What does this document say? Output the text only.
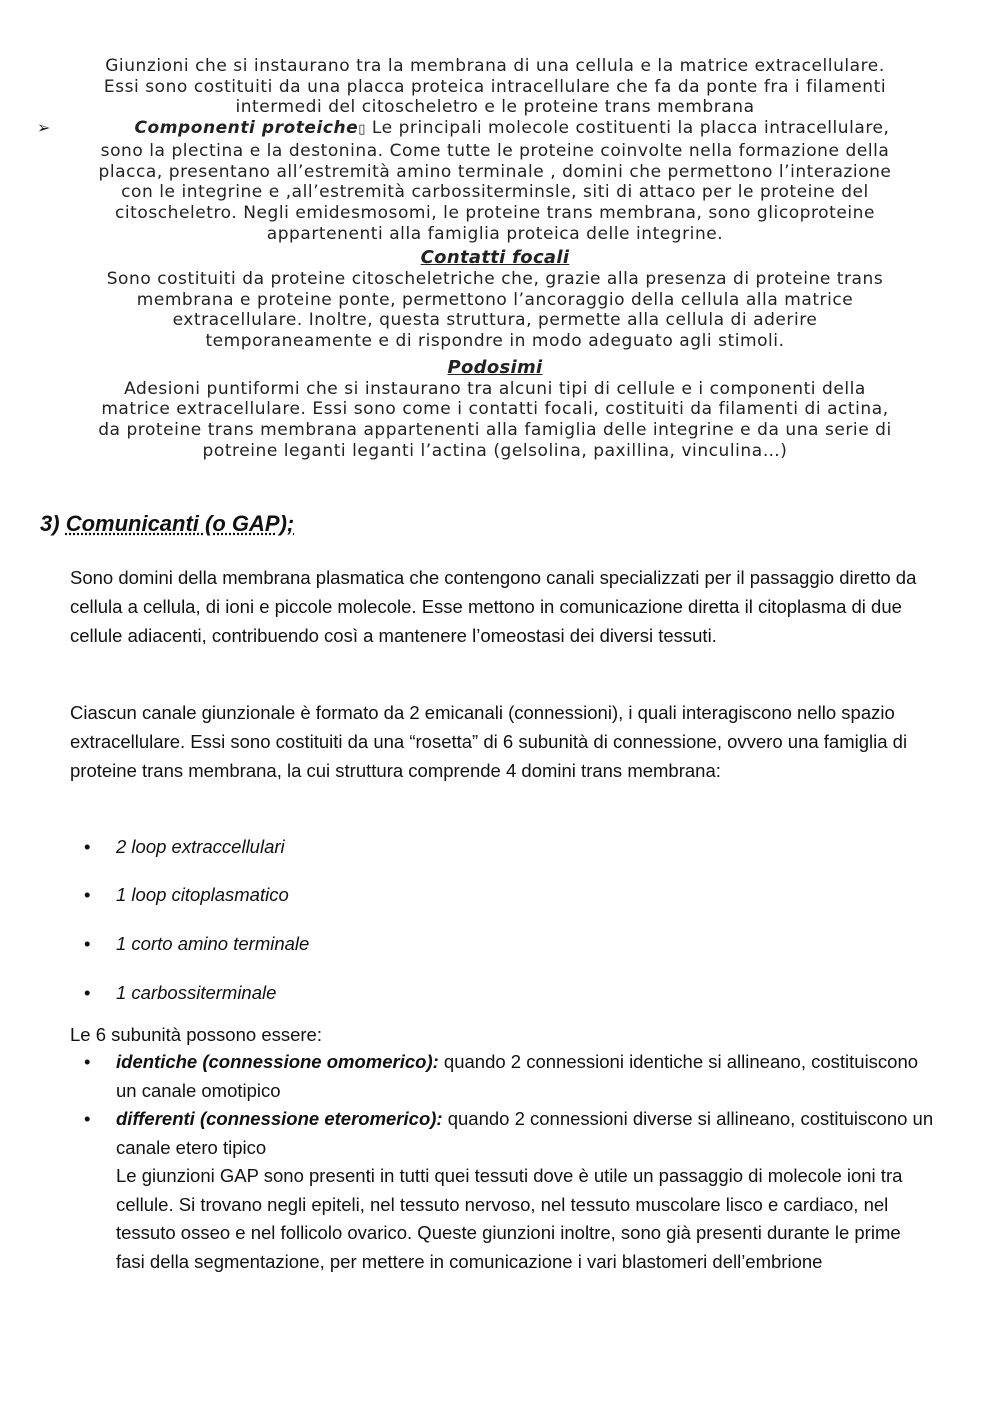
Giunzioni che si instaurano tra la membrana di una cellula e la matrice extracellulare.
Essi sono costituiti da una placca proteica intracellulare che fa da ponte fra i filamenti
intermedi del citoscheletro e le proteine trans membrana
➢	Componenti proteiche▯ Le principali molecole costituenti la placca intracellulare,
sono la plectina e la destonina. Come tutte le proteine coinvolte nella formazione della
placca, presentano all’estremità amino terminale , domini che permettono l’interazione
con le integrine e ,all’estremità carbossiterminsle, siti di attaco per le proteine del
citoscheletro. Negli emidesmosomi, le proteine trans membrana, sono glicoproteine
appartenenti alla famiglia proteica delle integrine.
Contatti focali
Sono costituiti da proteine citoscheletriche che, grazie alla presenza di proteine trans
membrana e proteine ponte, permettono l’ancoraggio della cellula alla matrice
extracellulare. Inoltre, questa struttura, permette alla cellula di aderire
temporaneamente e di rispondre in modo adeguato agli stimoli.
Podosimi
Adesioni puntiformi che si instaurano tra alcuni tipi di cellule e i componenti della
matrice extracellulare. Essi sono come i contatti focali, costituiti da filamenti di actina,
da proteine trans membrana appartenenti alla famiglia delle integrine e da una serie di
potreine leganti leganti l’actina (gelsolina, paxillina, vinculina…)
3) Comunicanti (o GAP);
Sono domini della membrana plasmatica che contengono canali specializzati per il passaggio diretto da cellula a cellula, di ioni e piccole molecole. Esse mettono in comunicazione diretta il citoplasma di due cellule adiacenti, contribuendo così a mantenere l’omeostasi dei diversi tessuti.
Ciascun canale giunzionale è formato da 2 emicanali (connessioni), i quali interagiscono nello spazio extracellulare. Essi sono costituiti da una “rosetta” di 6 subunità di connessione, ovvero una famiglia di proteine trans membrana, la cui struttura comprende 4 domini trans membrana:
• 2 loop extraccellulari
• 1 loop citoplasmatico
• 1 corto amino terminale
• 1 carbossiterminale
Le 6 subunità possono essere:
• identiche (connessione omomerico): quando 2 connessioni identiche si allineano, costituiscono un canale omotipico
• differenti (connessione eteromerico): quando 2 connessioni diverse si allineano, costituiscono un canale etero tipico
Le giunzioni GAP sono presenti in tutti quei tessuti dove è utile un passaggio di molecole ioni tra cellule. Si trovano negli epiteli, nel tessuto nervoso, nel tessuto muscolare lisco e cardiaco, nel tessuto osseo e nel follicolo ovarico. Queste giunzioni inoltre, sono già presenti durante le prime fasi della segmentazione, per mettere in comunicazione i vari blastomeri dell’embrione
